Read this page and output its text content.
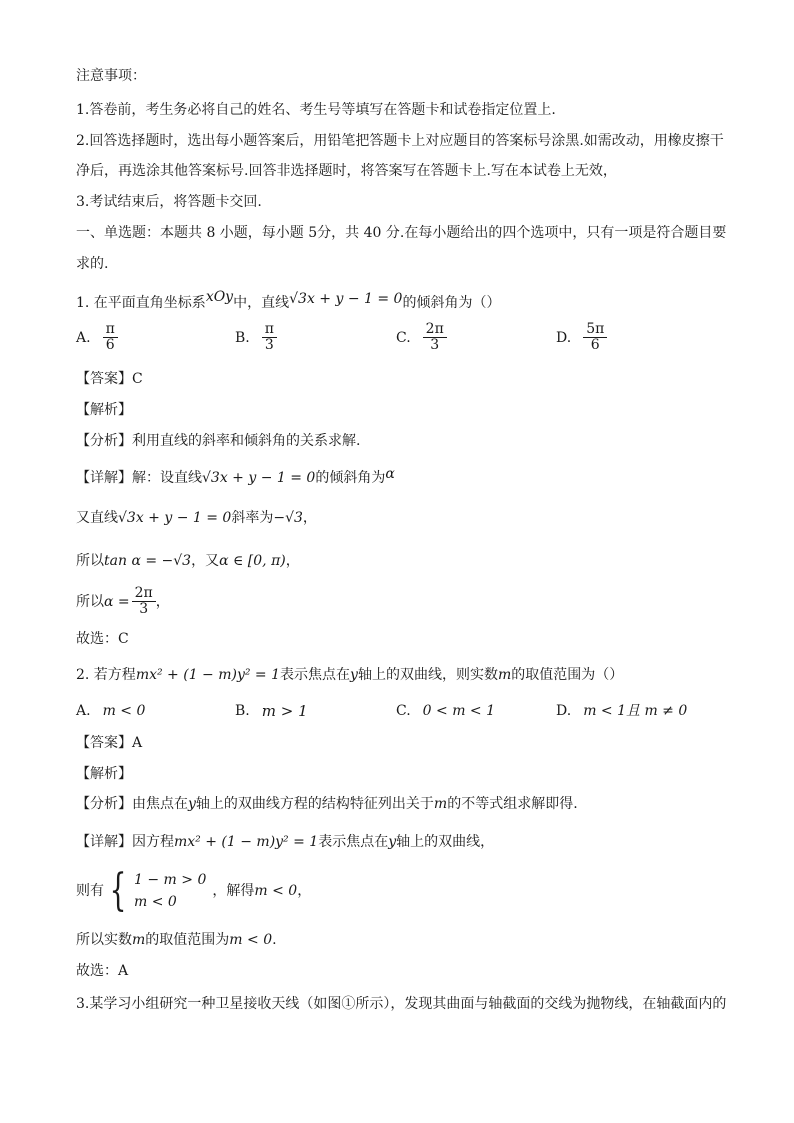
注意事项：
1.答卷前，考生务必将自己的姓名、考生号等填写在答题卡和试卷指定位置上.
2.回答选择题时，选出每小题答案后，用铅笔把答题卡上对应题目的答案标号涂黑.如需改动，用橡皮擦干
净后，再选涂其他答案标号.回答非选择题时，将答案写在答题卡上.写在本试卷上无效，
3.考试结束后，将答题卡交回.
一、单选题：本题共 8 小题，每小题 5分，共 40 分.在每小题给出的四个选项中，只有一项是符合题目要
求的.
1. 在平面直角坐标系xOy中，直线√3x + y − 1 = 0的倾斜角为（）
A. $\frac{\pi}{6}$	B. $\frac{\pi}{3}$	C. $\frac{2\pi}{3}$	D. $\frac{5\pi}{6}$
【答案】C
【解析】
【分析】利用直线的斜率和倾斜角的关系求解.
【详解】解：设直线√3x + y − 1 = 0的倾斜角为α
又直线√3x + y − 1 = 0斜率为−√3，
所以tan α = −√3，又α ∈ [0, π)，
所以 $\alpha = \frac{2\pi}{3}$ ，
故选：C
2. 若方程mx² + (1 − m)y² = 1表示焦点在y轴上的双曲线，则实数m的取值范围为（）
A. m < 0	B. m > 1	C. 0 < m < 1	D. m < 1且 m ≠ 0
【答案】A
【解析】
【分析】由焦点在y轴上的双曲线方程的结构特征列出关于m的不等式组求解即得.
【详解】因方程mx² + (1 − m)y² = 1表示焦点在y轴上的双曲线，
则有 { 1 − m > 0
m < 0
，解得 m < 0 ，
所以实数m的取值范围为m < 0.
故选：A
3.某学习小组研究一种卫星接收天线（如图①所示），发现其曲面与轴截面的交线为抛物线，在轴截面内的
